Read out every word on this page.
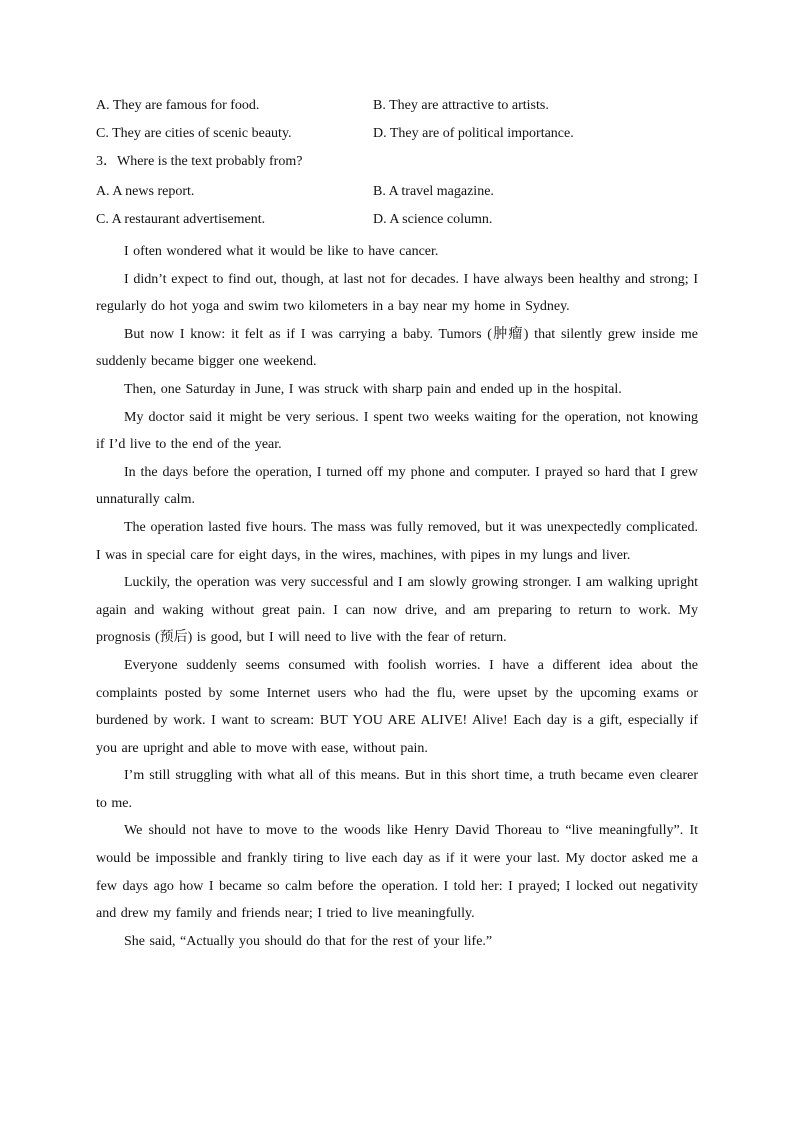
A. They are famous for food.	B. They are attractive to artists.
C. They are cities of scenic beauty.	D. They are of political importance.
3．Where is the text probably from?
A. A news report.	B. A travel magazine.
C. A restaurant advertisement.	D. A science column.

I often wondered what it would be like to have cancer.

I didn’t expect to find out, though, at last not for decades. I have always been healthy and strong; I regularly do hot yoga and swim two kilometers in a bay near my home in Sydney.

But now I know: it felt as if I was carrying a baby. Tumors (肿瘤) that silently grew inside me suddenly became bigger one weekend.

Then, one Saturday in June, I was struck with sharp pain and ended up in the hospital.

My doctor said it might be very serious. I spent two weeks waiting for the operation, not knowing if I’d live to the end of the year.

In the days before the operation, I turned off my phone and computer. I prayed so hard that I grew unnaturally calm.

The operation lasted five hours. The mass was fully removed, but it was unexpectedly complicated. I was in special care for eight days, in the wires, machines, with pipes in my lungs and liver.

Luckily, the operation was very successful and I am slowly growing stronger. I am walking upright again and waking without great pain. I can now drive, and am preparing to return to work. My prognosis (预后) is good, but I will need to live with the fear of return.

Everyone suddenly seems consumed with foolish worries. I have a different idea about the complaints posted by some Internet users who had the flu, were upset by the upcoming exams or burdened by work. I want to scream: BUT YOU ARE ALIVE! Alive! Each day is a gift, especially if you are upright and able to move with ease, without pain.

I’m still struggling with what all of this means. But in this short time, a truth became even clearer to me.

We should not have to move to the woods like Henry David Thoreau to “live meaningfully”. It would be impossible and frankly tiring to live each day as if it were your last. My doctor asked me a few days ago how I became so calm before the operation. I told her: I prayed; I locked out negativity and drew my family and friends near; I tried to live meaningfully.

She said, “Actually you should do that for the rest of your life.”
